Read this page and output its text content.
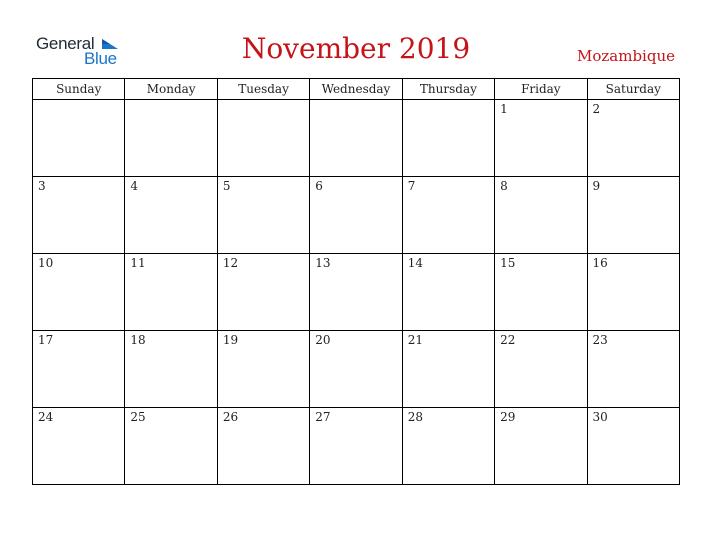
General
Blue	November 2019	Mozambique
Sunday	Monday	Tuesday	Wednesday	Thursday	Friday	Saturday

					1	2

3	4	5	6	7	8	9

10	11	12	13	14	15	16

17	18	19	20	21	22	23

24	25	26	27	28	29	30
